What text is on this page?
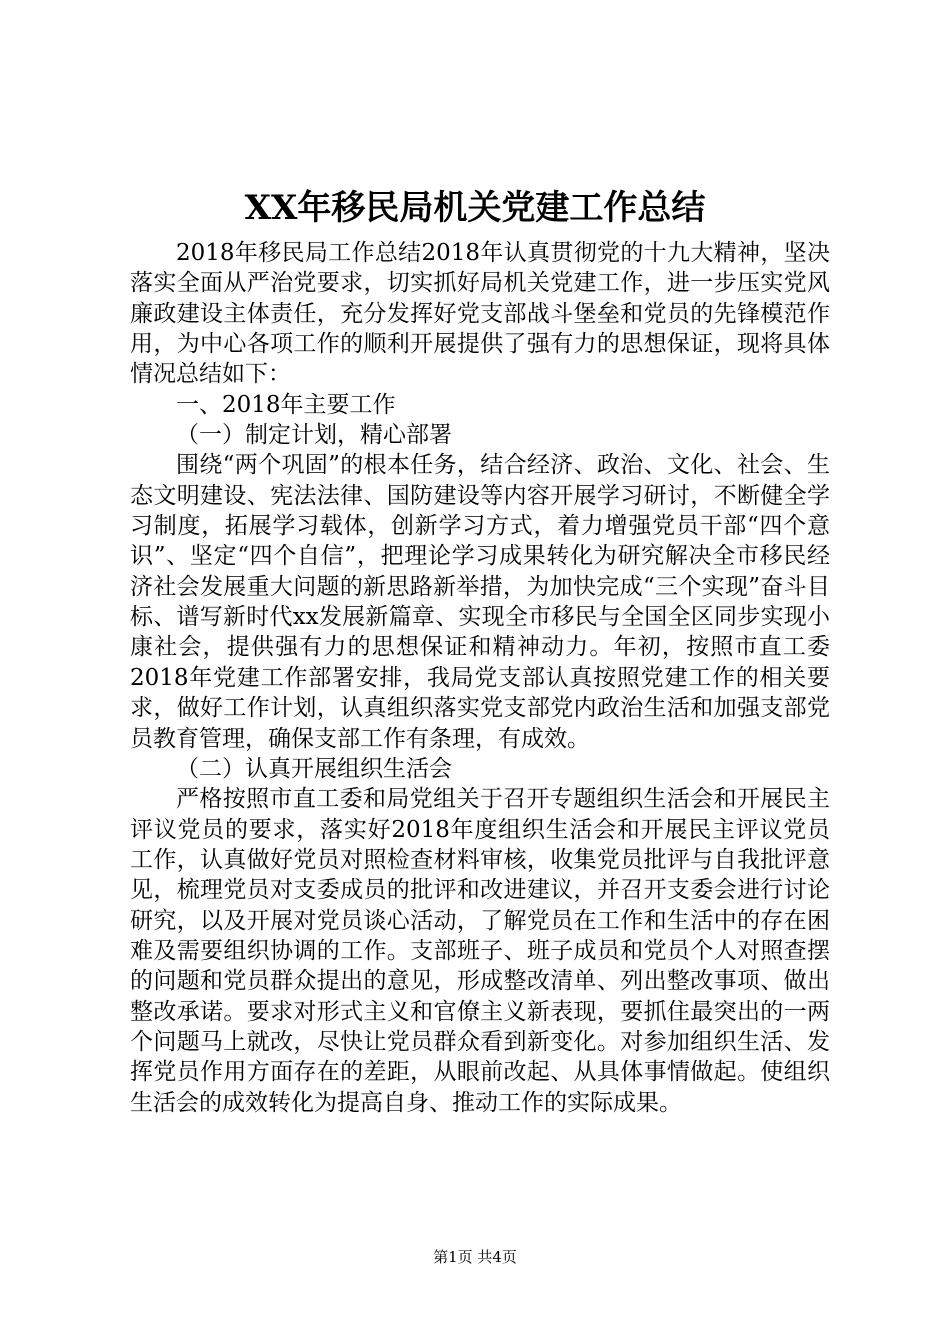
XX年移民局机关党建工作总结

2018年移民局工作总结2018年认真贯彻党的十九大精神，坚决落实全面从严治党要求，切实抓好局机关党建工作，进一步压实党风廉政建设主体责任，充分发挥好党支部战斗堡垒和党员的先锋模范作用，为中心各项工作的顺利开展提供了强有力的思想保证，现将具体情况总结如下：

一、2018年主要工作

（一）制定计划，精心部署

围绕“两个巩固”的根本任务，结合经济、政治、文化、社会、生态文明建设、宪法法律、国防建设等内容开展学习研讨，不断健全学习制度，拓展学习载体，创新学习方式，着力增强党员干部“四个意识”、坚定“四个自信”，把理论学习成果转化为研究解决全市移民经济社会发展重大问题的新思路新举措，为加快完成“三个实现”奋斗目标、谱写新时代xx发展新篇章、实现全市移民与全国全区同步实现小康社会，提供强有力的思想保证和精神动力。年初，按照市直工委2018年党建工作部署安排，我局党支部认真按照党建工作的相关要求，做好工作计划，认真组织落实党支部党内政治生活和加强支部党员教育管理，确保支部工作有条理，有成效。

（二）认真开展组织生活会

严格按照市直工委和局党组关于召开专题组织生活会和开展民主评议党员的要求，落实好2018年度组织生活会和开展民主评议党员工作，认真做好党员对照检查材料审核，收集党员批评与自我批评意见，梳理党员对支委成员的批评和改进建议，并召开支委会进行讨论研究，以及开展对党员谈心活动，了解党员在工作和生活中的存在困难及需要组织协调的工作。支部班子、班子成员和党员个人对照查摆的问题和党员群众提出的意见，形成整改清单、列出整改事项、做出整改承诺。要求对形式主义和官僚主义新表现，要抓住最突出的一两个问题马上就改，尽快让党员群众看到新变化。对参加组织生活、发挥党员作用方面存在的差距，从眼前改起、从具体事情做起。使组织生活会的成效转化为提高自身、推动工作的实际成果。

第1页 共4页
